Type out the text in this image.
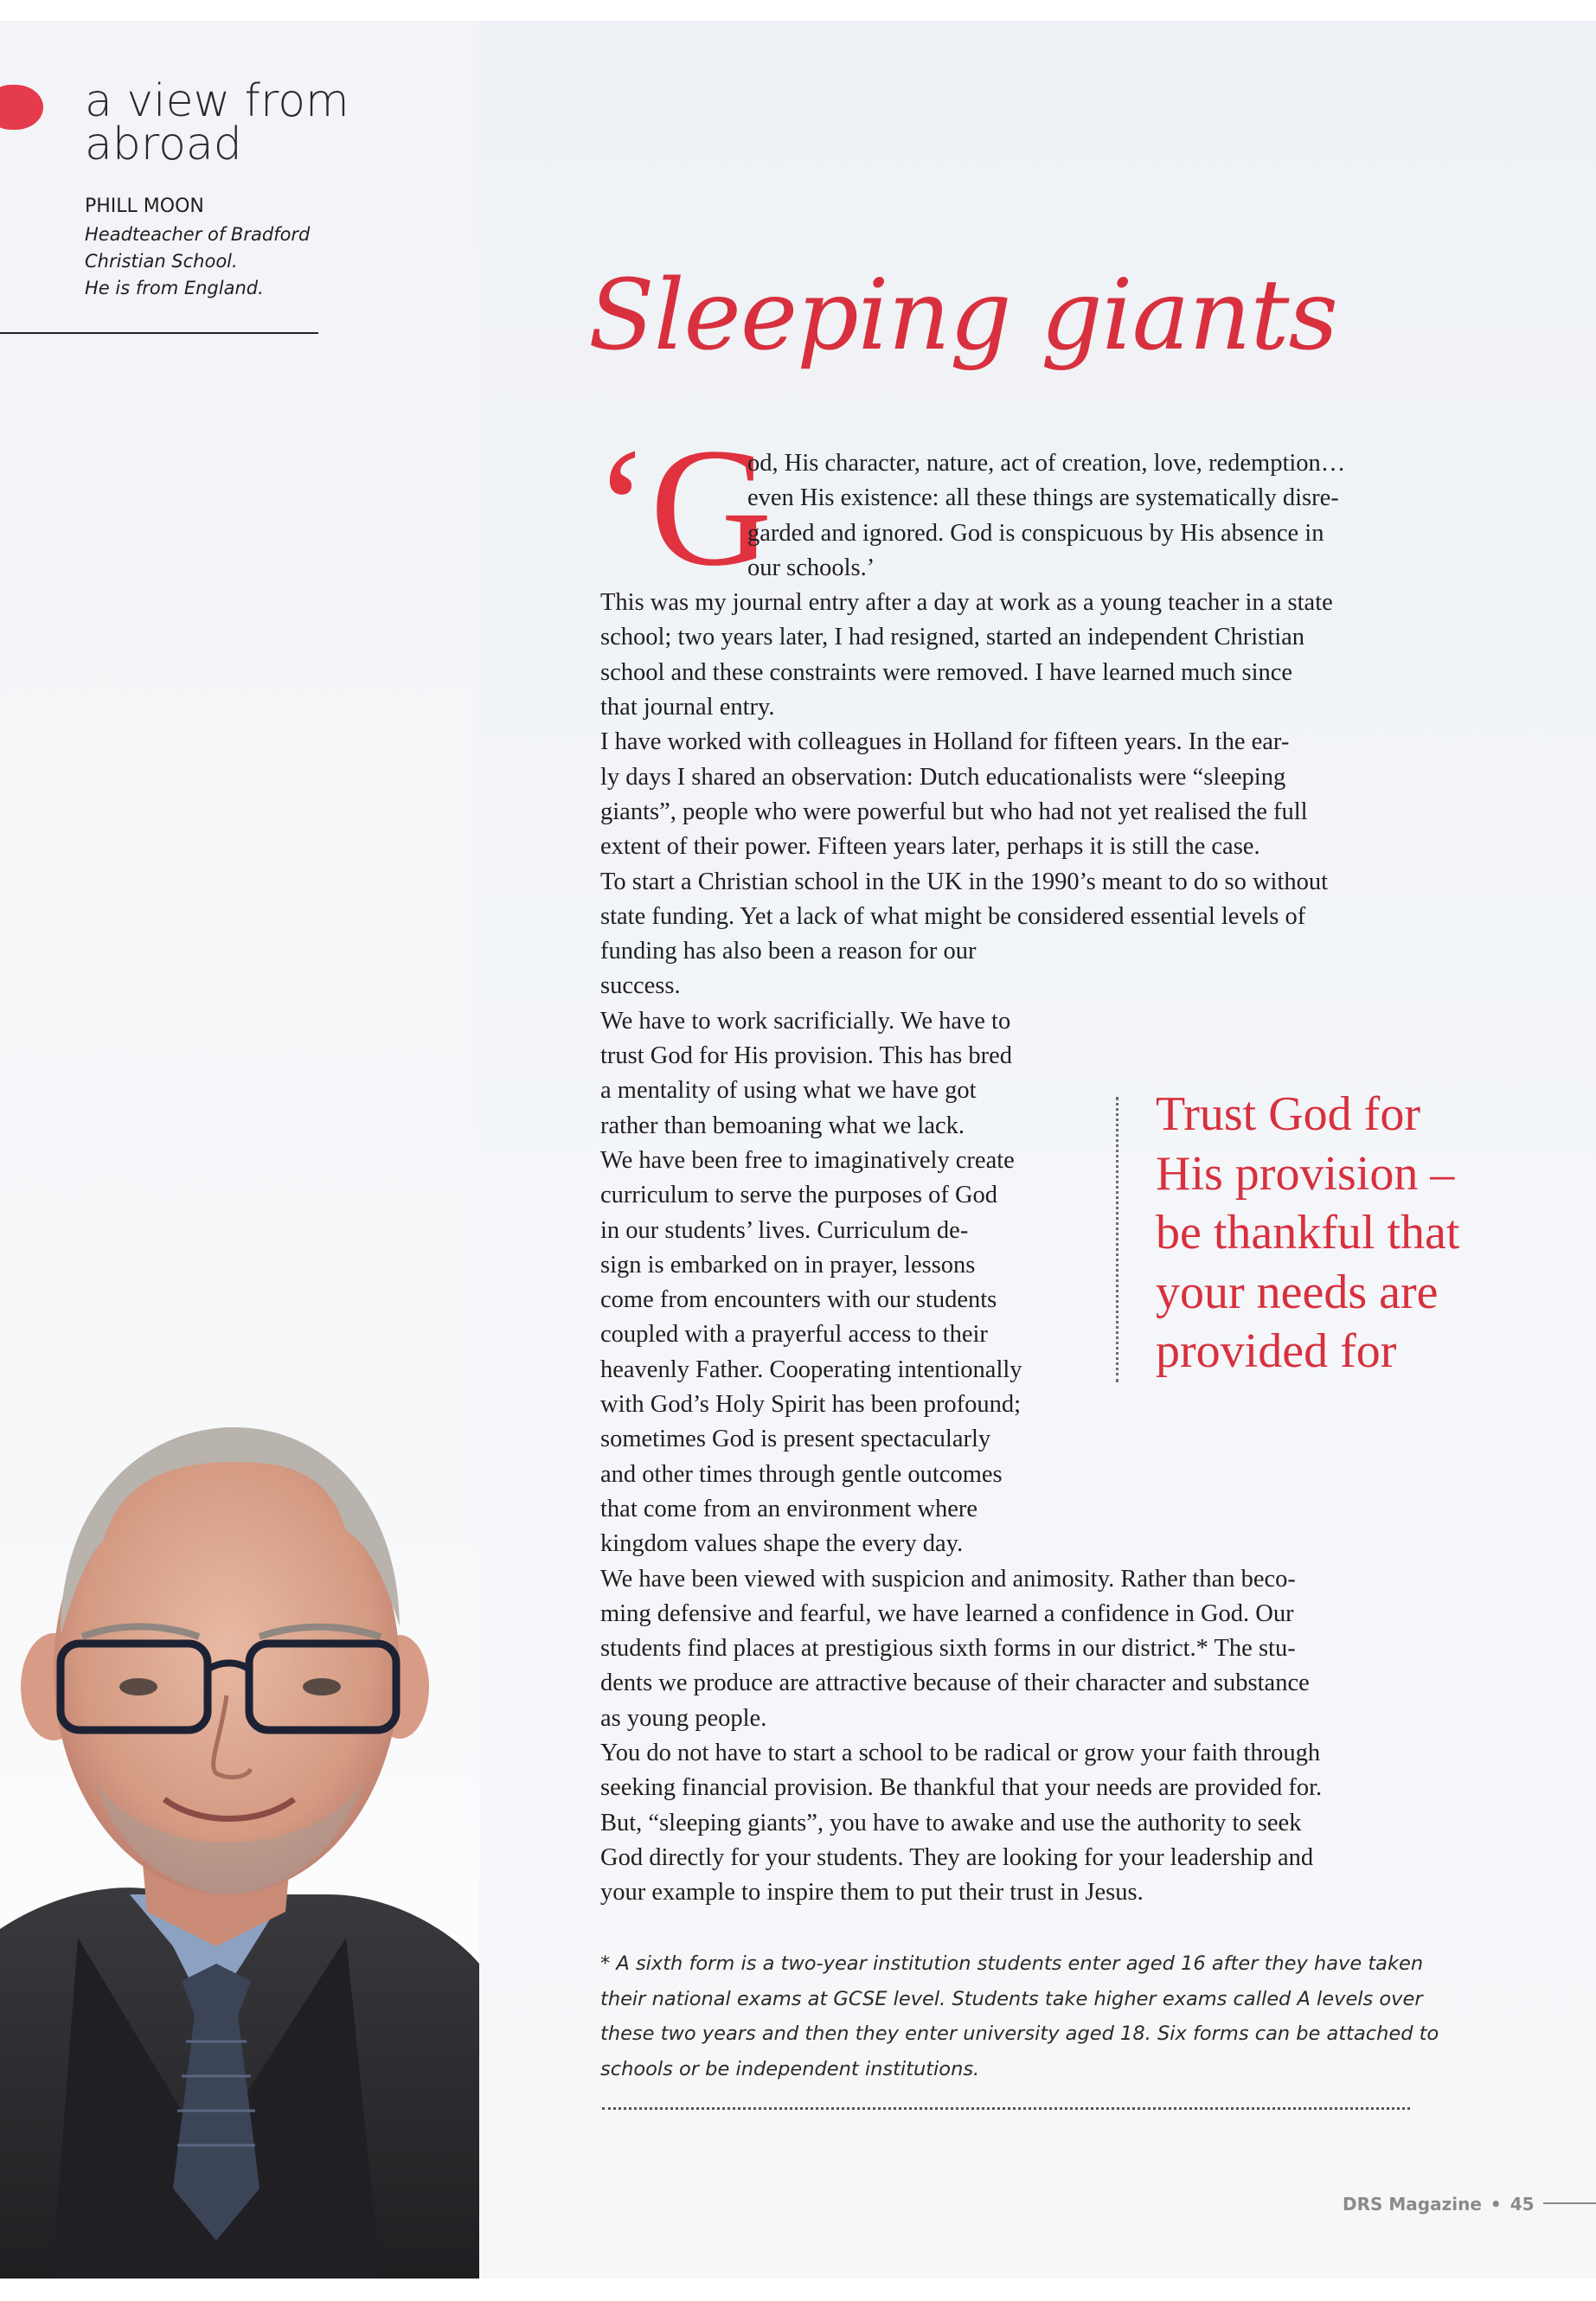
a view from
abroad
PHILL MOON
Headteacher of Bradford
Christian School.
He is from England.	Sleeping giants
‘G
od, His character, nature, act of creation, love, redemption…
even His existence: all these things are systematically disre-
garded and ignored. God is conspicuous by His absence in
our schools.’
This was my journal entry after a day at work as a young teacher in a state
school; two years later, I had resigned, started an independent Christian
school and these constraints were removed. I have learned much since
that journal entry.
I have worked with colleagues in Holland for fifteen years. In the ear-
ly days I shared an observation: Dutch educationalists were “sleeping
giants”, people who were powerful but who had not yet realised the full
extent of their power. Fifteen years later, perhaps it is still the case.
To start a Christian school in the UK in the 1990’s meant to do so without
state funding. Yet a lack of what might be considered essential levels of
funding has also been a reason for our
success.
We have to work sacrificially. We have to
trust God for His provision. This has bred
a mentality of using what we have got
rather than bemoaning what we lack.
We have been free to imaginatively create
curriculum to serve the purposes of God
in our students’ lives. Curriculum de-
sign is embarked on in prayer, lessons
come from encounters with our students
coupled with a prayerful access to their
heavenly Father. Cooperating intentionally
with God’s Holy Spirit has been profound;
sometimes God is present spectacularly
and other times through gentle outcomes
that come from an environment where
kingdom values shape the every day.
We have been viewed with suspicion and animosity. Rather than beco-
ming defensive and fearful, we have learned a confidence in God. Our
students find places at prestigious sixth forms in our district.* The stu-
dents we produce are attractive because of their character and substance
as young people.
You do not have to start a school to be radical or grow your faith through
seeking financial provision. Be thankful that your needs are provided for.
But, “sleeping giants”, you have to awake and use the authority to seek
God directly for your students. They are looking for your leadership and
your example to inspire them to put their trust in Jesus.
Trust God for
His provision –
be thankful that
your needs are
provided for
* A sixth form is a two-year institution students enter aged 16 after they have taken
their national exams at GCSE level. Students take higher exams called A levels over
these two years and then they enter university aged 18. Six forms can be attached to
schools or be independent institutions.
DRS Magazine • 45
